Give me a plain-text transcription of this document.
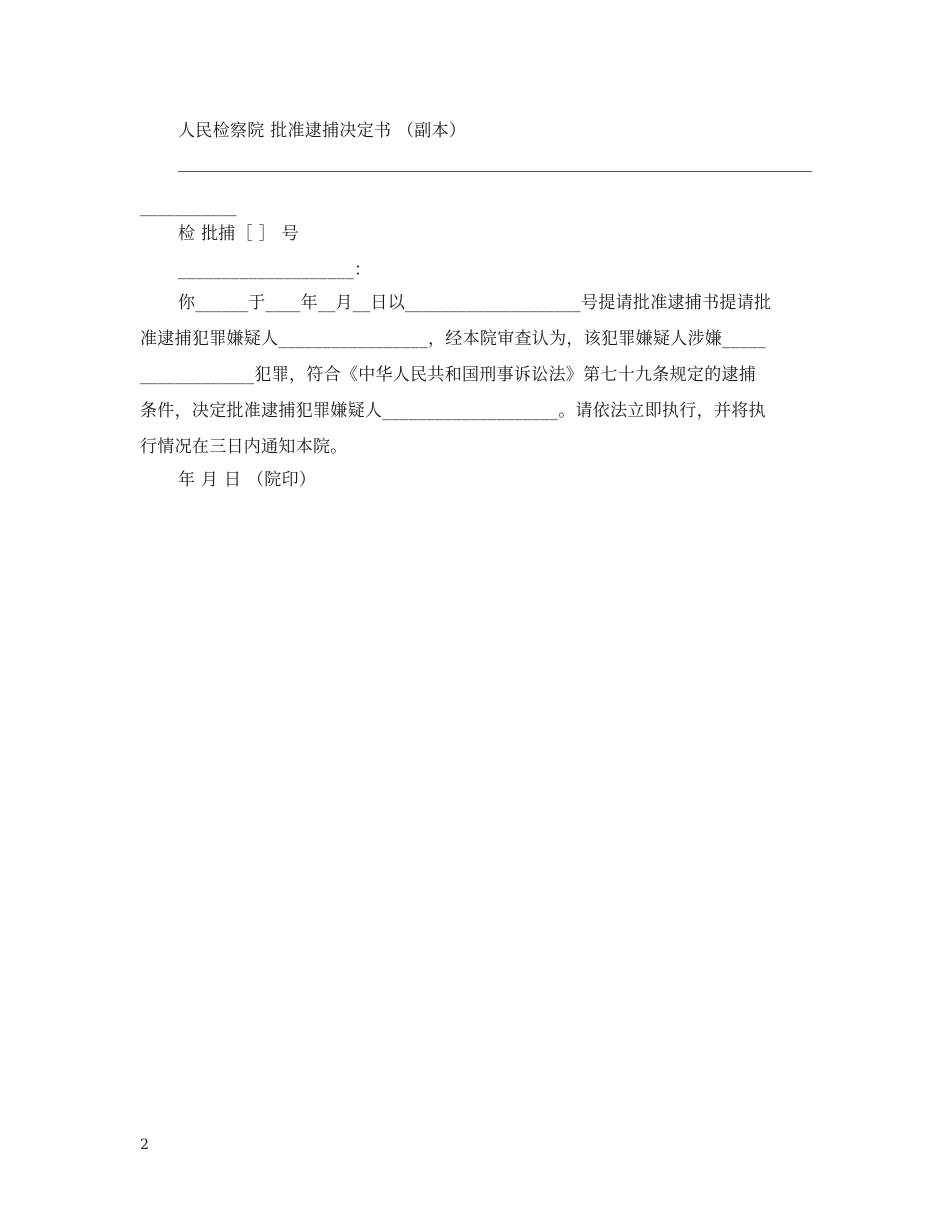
人民检察院 批准逮捕决定书 （副本）
___________
检 批捕［ ］ 号
____________________：
你______于____年__月__日以____________________号提请批准逮捕书提请批
准逮捕犯罪嫌疑人_________________，经本院审查认为，该犯罪嫌疑人涉嫌_____
_____________犯罪，符合《中华人民共和国刑事诉讼法》第七十九条规定的逮捕
条件，决定批准逮捕犯罪嫌疑人____________________。请依法立即执行，并将执
行情况在三日内通知本院。
年 月 日 （院印）
2
